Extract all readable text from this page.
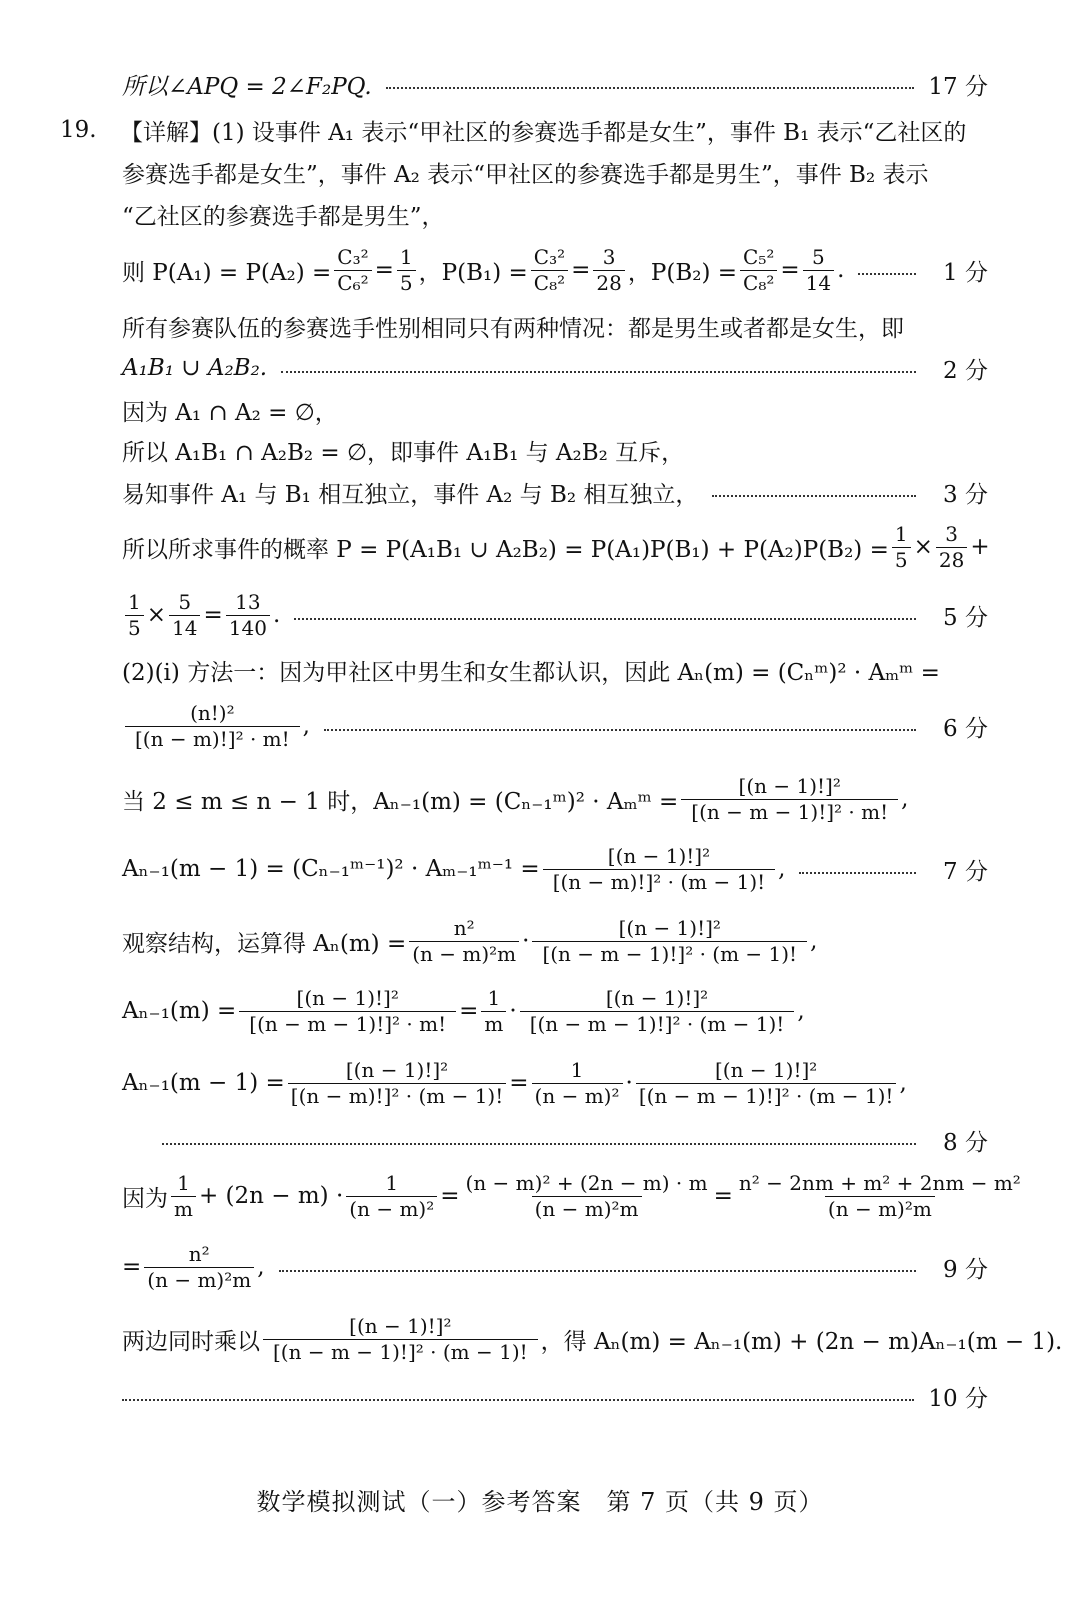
所以∠APQ = 2∠F₂PQ.	17 分
19.	【详解】(1) 设事件 A₁ 表示“甲社区的参赛选手都是女生”，事件 B₁ 表示“乙社区的
参赛选手都是女生”，事件 A₂ 表示“甲社区的参赛选手都是男生”，事件 B₂ 表示
“乙社区的参赛选手都是男生”，
则 $P(A_1) = P(A_2) = \frac{\text{C₃²}}{\text{C₆²}} = \frac{1}{5}$ ，$P(B_1) = \frac{\text{C₃²}}{\text{C₈²}} = \frac{3}{28}$ ，$P(B_2) = \frac{\text{C₅²}}{\text{C₈²}} = \frac{5}{14}$ .	1 分
所有参赛队伍的参赛选手性别相同只有两种情况：都是男生或者都是女生，即
A₁B₁ ∪ A₂B₂.	2 分
因为 A₁ ∩ A₂ = ∅，
所以 A₁B₁ ∩ A₂B₂ = ∅，即事件 A₁B₁ 与 A₂B₂ 互斥，
易知事件 A₁ 与 B₁ 相互独立，事件 A₂ 与 B₂ 相互独立，	3 分
所以所求事件的概率 P = P(A₁B₁ ∪ $A_2B_2) = P(A_1)P(B_1) + P(A_2)P(B_2) = \frac{1}{5} \times \frac{3}{28}$ +
$\frac{1}{5} \times \frac{5}{14} = \frac{13}{140}$ .	5 分
(2)(i) 方法一：因为甲社区中男生和女生都认识，因此 Aₙ(m) = (Cₙᵐ)² · Aₘᵐ =
$\frac{\text{(n!)²}}{\text{[(n − m)!]² · m!}}$ ,	6 分
当 2 ≤ m ≤ n − 1 时，Aₙ₋₁(m) = (Cₙ₋₁ᵐ)² · Aₘᵐ = $\frac{\text{[(n − 1)!]²}}{\text{[(n − m − 1)!]² · m!}}$ ,
Aₙ₋₁(m − 1) = (Cₙ₋₁ᵐ⁻¹)² · Aₘ₋₁ᵐ⁻¹ = $\frac{\text{[(n − 1)!]²}}{\text{[(n − m)!]² · (m − 1)!}}$ ,	7 分
观察结构，运算得 $A_n(m) = \frac{\text{n²}}{\text{(n − m)²m}} \cdot \frac{\text{[(n − 1)!]²}}{\text{[(n − m − 1)!]² · (m − 1)!}}$ ,
$A_{n-1}(m) = \frac{\text{[(n − 1)!]²}}{\text{[(n − m − 1)!]² · m!}} = \frac{1}{m} \cdot \frac{\text{[(n − 1)!]²}}{\text{[(n − m − 1)!]² · (m − 1)!}}$ ,
$A_{n-1}(m - 1) = \frac{\text{[(n − 1)!]²}}{\text{[(n − m)!]² · (m − 1)!}} = \frac{1}{\text{(n − m)²}} \cdot \frac{\text{[(n − 1)!]²}}{\text{[(n − m − 1)!]² · (m − 1)!}}$ ,
8 分
因为 $\frac{1}{m} + (2n - m) \cdot \frac{1}{\text{(n − m)²}} = \frac{\text{(n − m)² + (2n − m) · m}}{\text{(n − m)²m}} = \frac{\text{n² − 2nm + m² + 2nm − m²}}{\text{(n − m)²m}}$
= $\frac{\text{n²}}{\text{(n − m)²m}}$ ,	9 分
两边同时乘以 $\frac{\text{[(n − 1)!]²}}{\text{[(n − m − 1)!]² · (m − 1)!}}$ ，得 Aₙ(m) = Aₙ₋₁(m) + (2n − m)Aₙ₋₁(m − 1).
10 分
数学模拟测试（一）参考答案　第 7 页（共 9 页）
